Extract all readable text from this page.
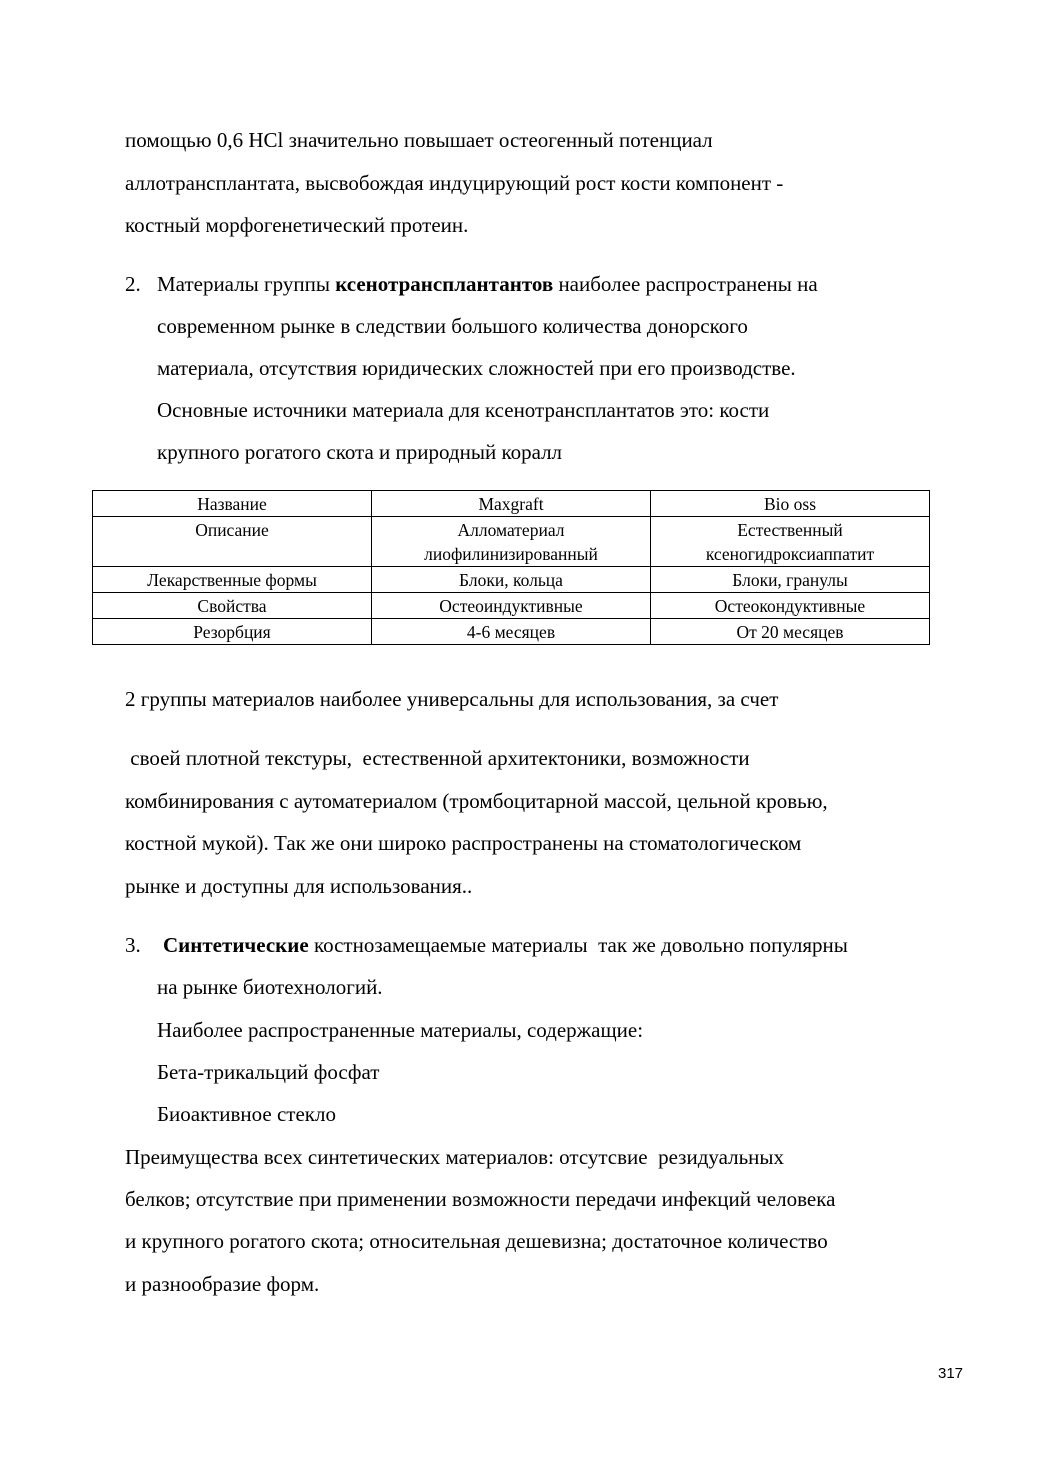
помощью 0,6 HCl значительно повышает остеогенный потенциал
аллотрансплантата, высвобождая индуцирующий рост кости компонент -
костный морфогенетический протеин.
2. Материалы группы ксенотрансплантантов наиболее распространены на
современном рынке в следствии большого количества донорского
материала, отсутствия юридических сложностей при его производстве.
Основные источники материала для ксенотрансплантатов это: кости
крупного рогатого скота и природный коралл
Название	Maxgraft	Bio oss
Описание	Алломатериал лиофилинизированный	Естественный ксеногидроксиаппатит
Лекарственные формы	Блоки, кольца	Блоки, гранулы
Свойства	Остеоиндуктивные	Остеокондуктивные
Резорбция	4-6 месяцев	От 20 месяцев
2 группы материалов наиболее универсальны для использования, за счет
своей плотной текстуры,  естественной архитектоники, возможности
комбинирования с аутоматериалом (тромбоцитарной массой, цельной кровью,
костной мукой). Так же они широко распространены на стоматологическом
рынке и доступны для использования..
3. Синтетические костнозамещаемые материалы  так же довольно популярны
на рынке биотехнологий.
Наиболее распространенные материалы, содержащие:
Бета-трикальций фосфат
Биоактивное стекло
Преимущества всех синтетических материалов: отсутсвие  резидуальных
белков; отсутствие при применении возможности передачи инфекций человека
и крупного рогатого скота; относительная дешевизна; достаточное количество
и разнообразие форм.
317
